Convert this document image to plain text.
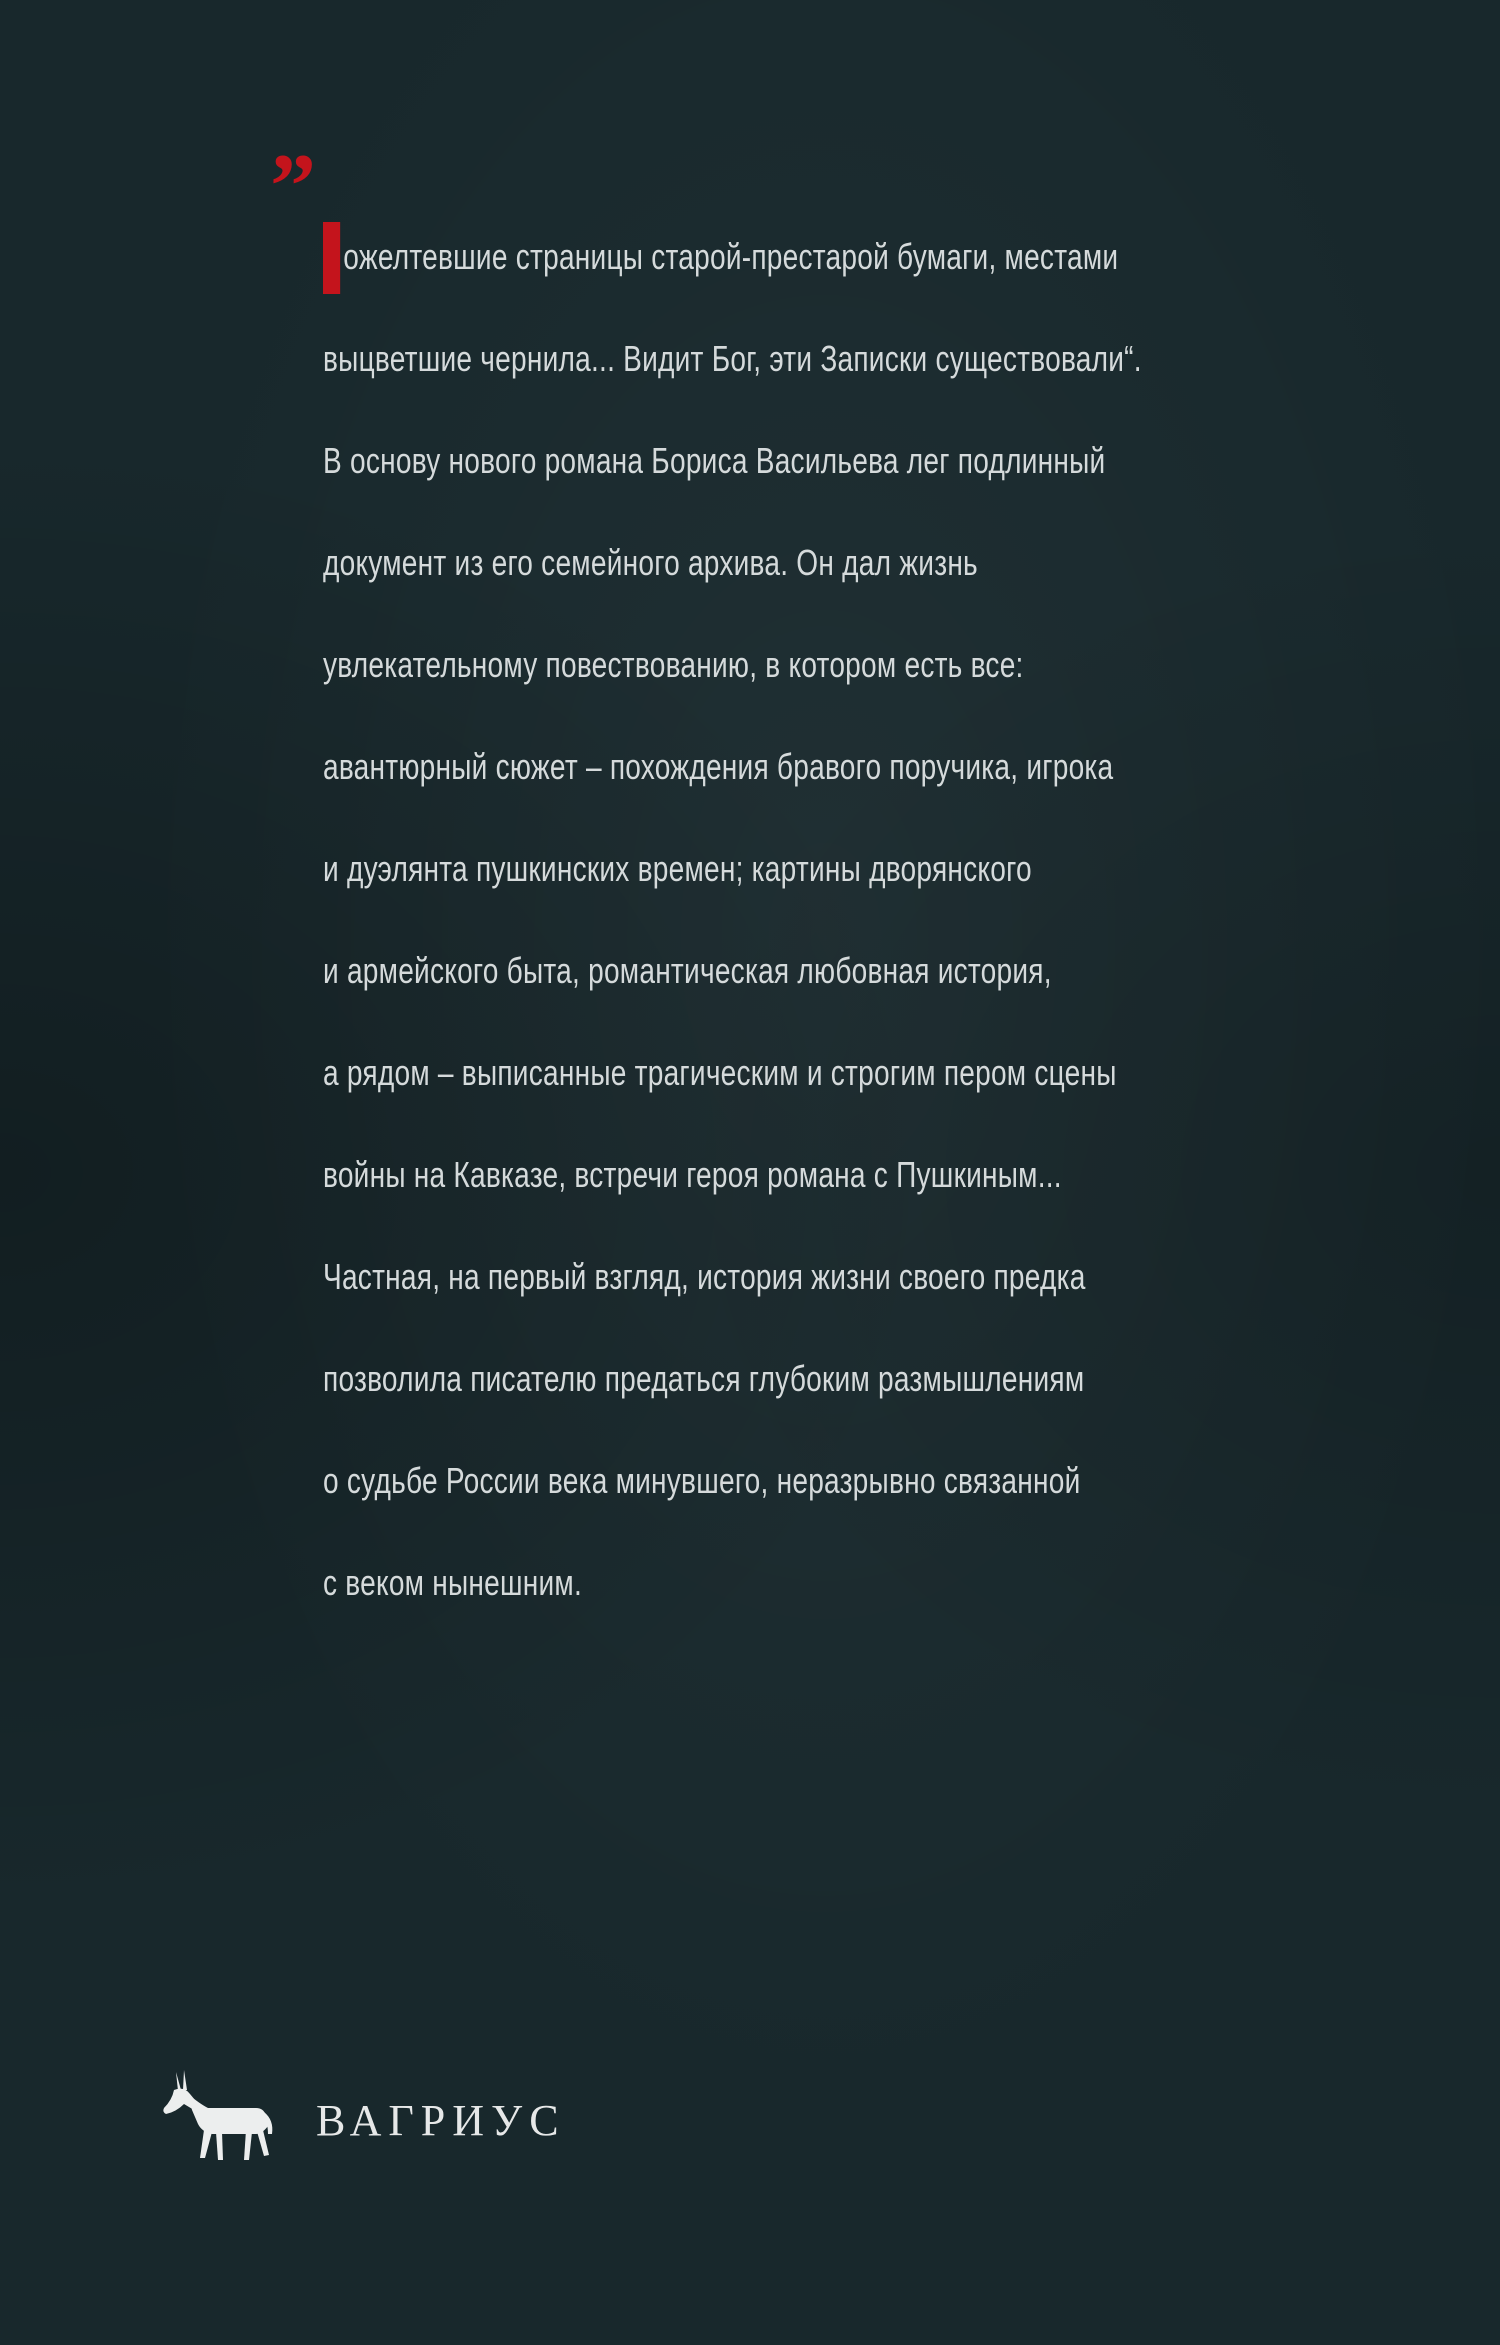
”
ожелтевшие страницы старой-престарой бумаги, местами
выцветшие чернила... Видит Бог, эти Записки существовали“.
В основу нового романа Бориса Васильева лег подлинный
документ из его семейного архива. Он дал жизнь
увлекательному повествованию, в котором есть все:
авантюрный сюжет – похождения бравого поручика, игрока
и дуэлянта пушкинских времен; картины дворянского
и армейского быта, романтическая любовная история,
а рядом – выписанные трагическим и строгим пером сцены
войны на Кавказе, встречи героя романа с Пушкиным...
Частная, на первый взгляд, история жизни своего предка
позволила писателю предаться глубоким размышлениям
о судьбе России века минувшего, неразрывно связанной
с веком нынешним.
ВАГРИУС
